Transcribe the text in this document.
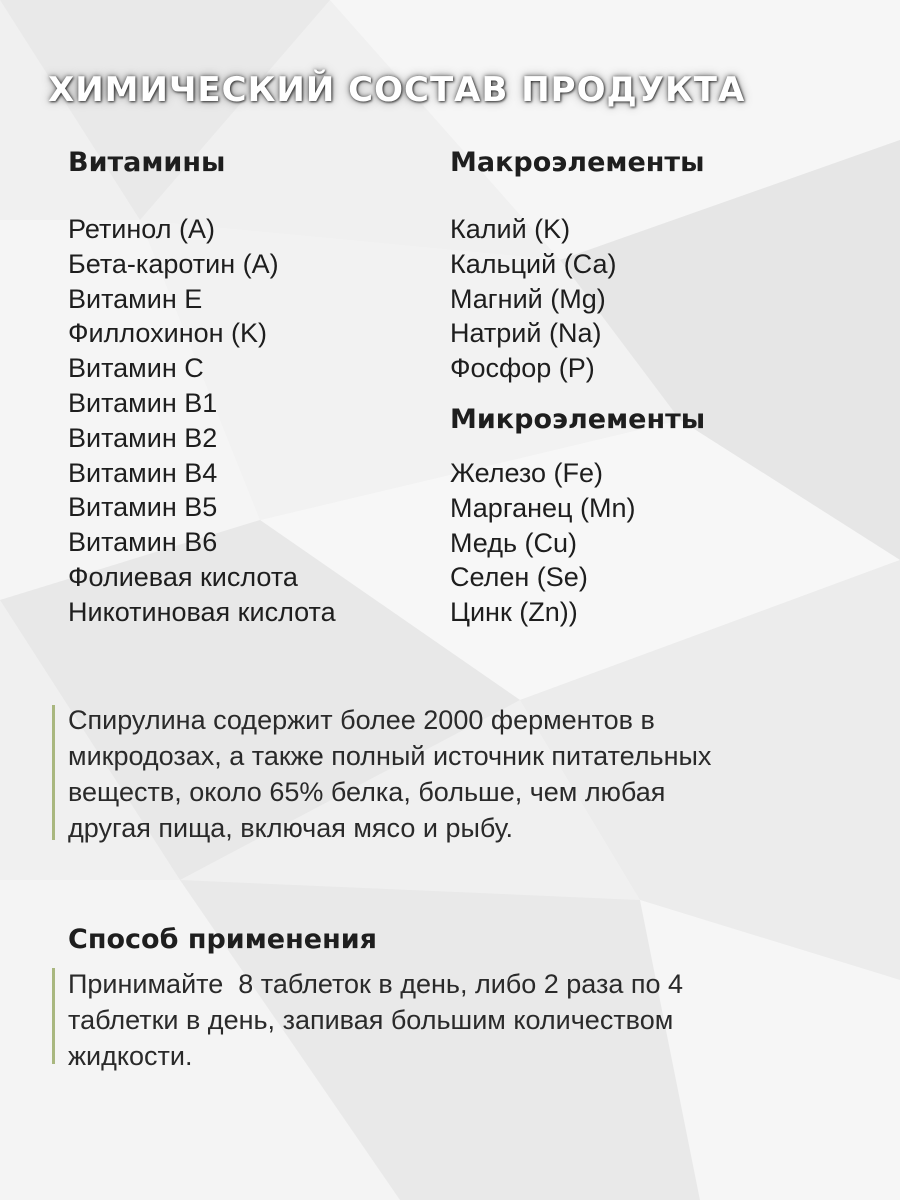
ХИМИЧЕСКИЙ СОСТАВ ПРОДУКТА
Витамины
Ретинол (А)
Бета-каротин (А)
Витамин Е
Филлохинон (K)
Витамин С
Витамин В1
Витамин В2
Витамин В4
Витамин В5
Витамин В6
Фолиевая кислота
Никотиновая кислота
Макроэлементы
Калий (K)
Кальций (Са)
Магний (Mg)
Натрий (Na)
Фосфор (Р)
Микроэлементы
Железо (Fe)
Марганец (Mn)
Медь (Cu)
Селен (Se)
Цинк (Zn))
Спирулина содержит более 2000 ферментов в
микродозах, а также полный источник питательных
веществ, около 65% белка, больше, чем любая
другая пища, включая мясо и рыбу.
Способ применения
Принимайте  8 таблеток в день, либо 2 раза по 4
таблетки в день, запивая большим количеством
жидкости.
